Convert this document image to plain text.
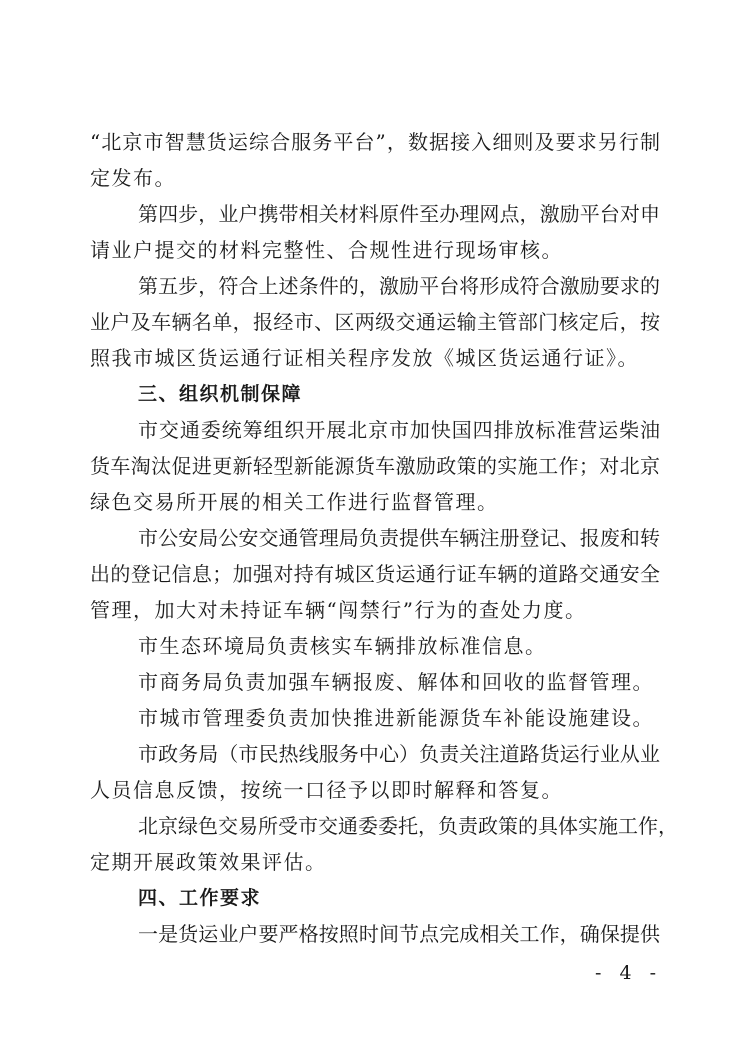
“北京市智慧货运综合服务平台”，数据接入细则及要求另行制
定发布。
第四步，业户携带相关材料原件至办理网点，激励平台对申
请业户提交的材料完整性、合规性进行现场审核。
第五步，符合上述条件的，激励平台将形成符合激励要求的
业户及车辆名单，报经市、区两级交通运输主管部门核定后，按
照我市城区货运通行证相关程序发放《城区货运通行证》。
三、组织机制保障
市交通委统筹组织开展北京市加快国四排放标准营运柴油
货车淘汰促进更新轻型新能源货车激励政策的实施工作；对北京
绿色交易所开展的相关工作进行监督管理。
市公安局公安交通管理局负责提供车辆注册登记、报废和转
出的登记信息；加强对持有城区货运通行证车辆的道路交通安全
管理，加大对未持证车辆“闯禁行”行为的查处力度。
市生态环境局负责核实车辆排放标准信息。
市商务局负责加强车辆报废、解体和回收的监督管理。
市城市管理委负责加快推进新能源货车补能设施建设。
市政务局（市民热线服务中心）负责关注道路货运行业从业
人员信息反馈，按统一口径予以即时解释和答复。
北京绿色交易所受市交通委委托，负责政策的具体实施工作，
定期开展政策效果评估。
四、工作要求
一是货运业户要严格按照时间节点完成相关工作，确保提供
- 4 -
